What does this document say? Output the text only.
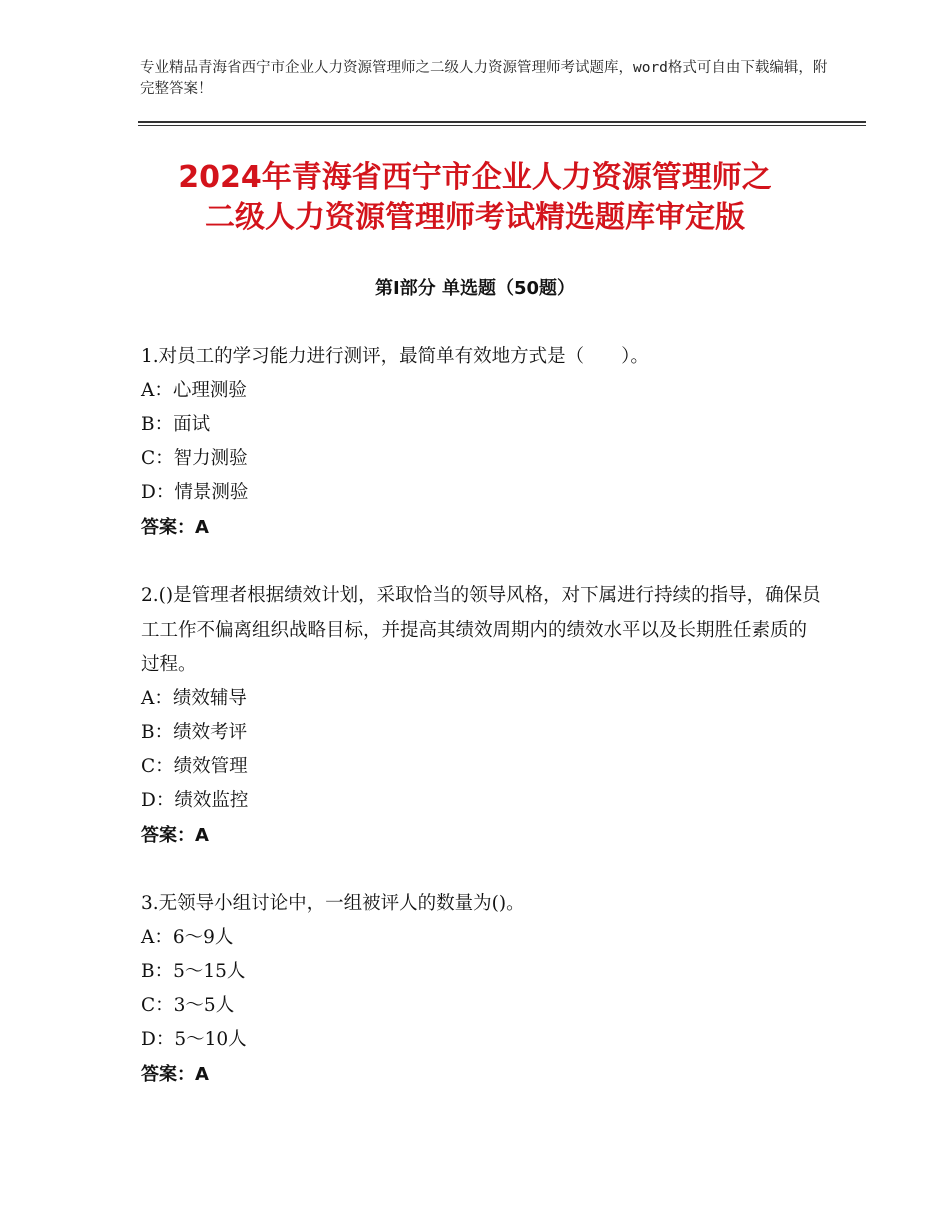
专业精品青海省西宁市企业人力资源管理师之二级人力资源管理师考试题库，word格式可自由下载编辑，附完整答案！
2024年青海省西宁市企业人力资源管理师之
二级人力资源管理师考试精选题库审定版
第Ⅰ部分 单选题（50题）
1.对员工的学习能力进行测评，最简单有效地方式是（　　）。
A：心理测验
B：面试
C：智力测验
D：情景测验
答案：A
2.()是管理者根据绩效计划，采取恰当的领导风格，对下属进行持续的指导，确保员工工作不偏离组织战略目标，并提高其绩效周期内的绩效水平以及长期胜任素质的过程。
A：绩效辅导
B：绩效考评
C：绩效管理
D：绩效监控
答案：A
3.无领导小组讨论中，一组被评人的数量为()。
A：6～9人
B：5～15人
C：3～5人
D：5～10人
答案：A
